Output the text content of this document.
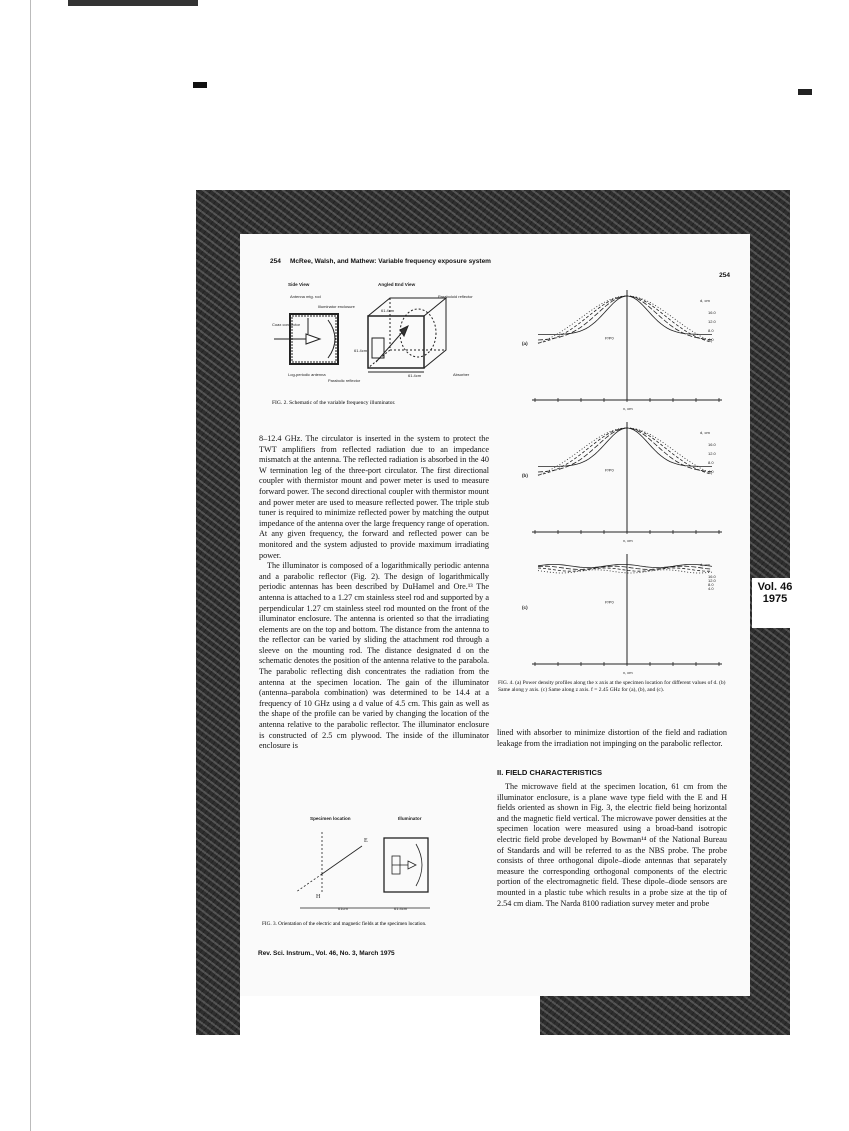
254 McRee, Walsh, and Mathew: Variable frequency exposure system
254
Side View	Angled End View
Antenna mtg. rod
Illuminator enclosure
Coax connector
Paraboloid reflector
61.4cm
61.4cm
61.4cm
Log-periodic antenna
Parabolic reflector
Absorber
FIG. 2. Schematic of the variable frequency illuminator.

8–12.4 GHz. The circulator is inserted in the system to protect the TWT amplifiers from reflected radiation due to an impedance mismatch at the antenna. The reflected radiation is absorbed in the 40 W termination leg of the three-port circulator. The first directional coupler with thermistor mount and power meter is used to measure forward power. The second directional coupler with thermistor mount and power meter are used to measure reflected power. The triple stub tuner is required to minimize reflected power by matching the output impedance of the antenna over the large frequency range of operation. At any given frequency, the forward and reflected power can be monitored and the system adjusted to provide maximum irradiating power.

The illuminator is composed of a logarithmically periodic antenna and a parabolic reflector (Fig. 2). The design of logarithmically periodic antennas has been described by DuHamel and Ore.¹³ The antenna is attached to a 1.27 cm stainless steel rod and supported by a perpendicular 1.27 cm stainless steel rod mounted on the front of the illuminator enclosure. The antenna is oriented so that the irradiating elements are on the top and bottom. The distance from the antenna to the reflector can be varied by sliding the attachment rod through a sleeve on the mounting rod. The distance designated d on the schematic denotes the position of the antenna relative to the parabola. The parabolic reflecting dish concentrates the radiation from the antenna at the specimen location. The gain of the illuminator (antenna–parabola combination) was determined to be 14.4 at a frequency of 10 GHz using a d value of 4.5 cm. This gain as well as the shape of the profile can be varied by changing the location of the antenna relative to the parabolic reflector. The illuminator enclosure is constructed of 2.5 cm plywood. The inside of the illuminator enclosure is

Specimen location	Illuminator
E
H
61cm	61.4cm
FIG. 3. Orientation of the electric and magnetic fields at the specimen location.
(a)
x, cm
P/P0
d, cm
16.0
12.0
8.0
4.0
(b)
x, cm
P/P0
d, cm
16.0
12.0
8.0
4.0
(c)
x, cm
P/P0
d, cm
16.0
12.0
8.0
4.0
FIG. 4. (a) Power density profiles along the x axis at the specimen location for different values of d. (b) Same along y axis. (c) Same along z axis. f = 2.45 GHz for (a), (b), and (c).

lined with absorber to minimize distortion of the field and radiation leakage from the irradiation not impinging on the parabolic reflector.

II. FIELD CHARACTERISTICS

The microwave field at the specimen location, 61 cm from the illuminator enclosure, is a plane wave type field with the E and H fields oriented as shown in Fig. 3, the electric field being horizontal and the magnetic field vertical. The microwave power densities at the specimen location were measured using a broad-band isotropic electric field probe developed by Bowman¹⁴ of the National Bureau of Standards and will be referred to as the NBS probe. The probe consists of three orthogonal dipole–diode antennas that separately measure the corresponding orthogonal components of the electric portion of the electromagnetic field. These dipole–diode sensors are mounted in a plastic tube which results in a probe size at the tip of 2.54 cm diam. The Narda 8100 radiation survey meter and probe

Rev. Sci. Instrum., Vol. 46, No. 3, March 1975
Vol. 46
1975
